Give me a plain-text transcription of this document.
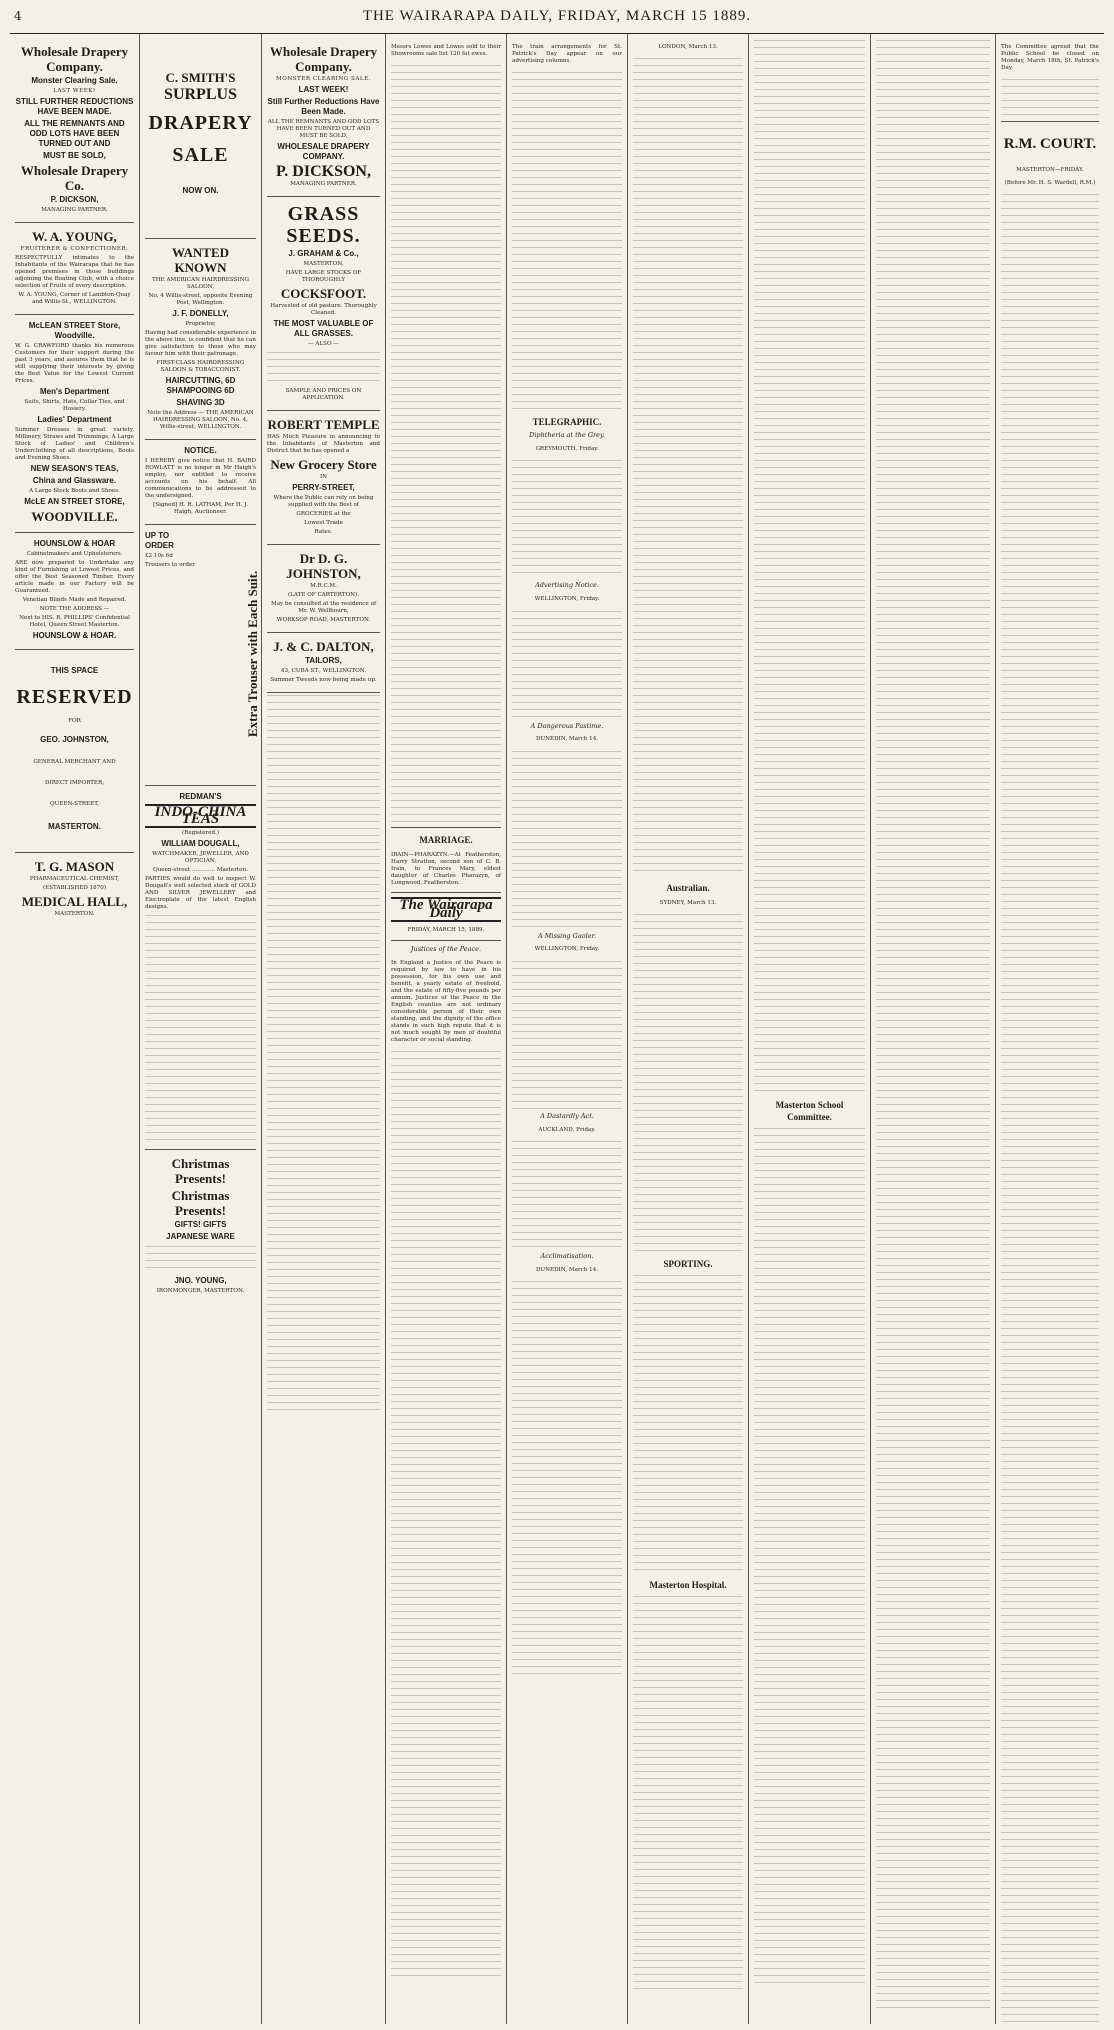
4	THE WAIRARAPA DAILY, FRIDAY, MARCH 15 1889.

Wholesale Drapery Company.

Monster Clearing Sale.

LAST WEEK!

STILL FURTHER REDUCTIONS HAVE BEEN MADE.

ALL THE REMNANTS AND ODD LOTS HAVE BEEN TURNED OUT AND

MUST BE SOLD,

Wholesale Drapery Co.

P. DICKSON,

MANAGING PARTNER.

W. A. YOUNG,

FRUITERER & CONFECTIONER.

RESPECTFULLY intimates to the Inhabitants of the Wairarapa that he has opened premises in those buildings adjoining the Boating Club, with a choice selection of Fruits of every description.

W. A. YOUNG, Corner of Lambton-Quay and Willis-St., WELLINGTON.

McLEAN STREET Store, Woodville.

W. G. CRAWFORD thanks his numerous Customers for their support during the past 3 years, and assures them that he is still supplying their interests by giving the Best Value for the Lowest Current Prices.

Men's Department

Suits, Shirts, Hats, Collar Ties, and Hosiery.

Ladies' Department

Summer Dresses in great variety, Millinery, Straws and Trimmings, A Large Stock of Ladies' and Children's Underclothing of all descriptions, Boots and Evening Shoes.

NEW SEASON'S TEAS,

China and Glassware.

A Large Stock Boots and Shoes.

McLE AN STREET STORE,

WOODVILLE.

HOUNSLOW & HOAR

Cabinetmakers and Upholsterers.

ARE now prepared to Undertake any kind of Furnishing at Lowest Prices, and offer the Best Seasoned Timber. Every article made in our Factory will be Guaranteed.

Venetian Blinds Made and Repaired.

NOTE THE ADDRESS —

Next to HIS. R. PHILLIPS' Confidential Hotel, Queen Street Masterton.

HOUNSLOW & HOAR.

THIS SPACE

RESERVED

FOR

GEO. JOHNSTON,

GENERAL MERCHANT AND

DIRECT IMPORTER,

QUEEN-STREET,

MASTERTON.

T. G. MASON

PHARMACEUTICAL CHEMIST,

(ESTABLISHED 1870)

MEDICAL HALL,

MASTERTON.

C. SMITH'S

SURPLUS

DRAPERY

SALE

NOW ON.

WANTED KNOWN

THE AMERICAN HAIRDRESSING SALOON,

No. 4 Willis-street, opposite Evening Post, Wellington.

J. F. DONELLY,

Proprietor,

Having had considerable experience in the above line, is confident that he can give satisfaction to those who may favour him with their patronage.

FIRST-CLASS HAIRDRESSING SALOON & TOBACCONIST.

HAIRCUTTING, 6D SHAMPOOING 6D

SHAVING 3D

Note the Address — THE AMERICAN HAIRDRESSING SALOON, No. 4, Willis-street, WELLINGTON.

NOTICE.

I HEREBY give notice that H. BAIRD ROWLATT is no longer in Mr Haigh's employ, nor entitled to receive accounts on his behalf. All communications to be addressed to the undersigned.

[Signed] H. R. LATHAM, Per H. J. Haigh, Auctioneer.

UP TO ORDER

£2 10s 6d

Trousers to order

Extra Trouser with Each Suit.

REDMAN'S

INDO-CHINA TEAS

(Registered.)

WILLIAM DOUGALL,

WATCHMAKER, JEWELLER, AND OPTICIAN.

Queen-street ............. Masterton.

PARTIES would do well to inspect W. Dougall's well selected stock of GOLD AND SILVER JEWELLERY and Electroplate of the latest English designs.

Christmas Presents!

Christmas Presents!

GIFTS! GIFTS

JAPANESE WARE

JNO. YOUNG,

IRONMONGER, MASTERTON.

Wholesale Drapery Company.

MONSTER CLEARING SALE.

LAST WEEK!

Still Further Reductions Have Been Made.

ALL THE REMNANTS AND ODD LOTS HAVE BEEN TURNED OUT AND MUST BE SOLD,

WHOLESALE DRAPERY COMPANY.

P. DICKSON,

MANAGING PARTNER.

GRASS SEEDS.

J. GRAHAM & Co.,

MASTERTON,

HAVE LARGE STOCKS OF THOROUGHLY

COCKSFOOT.

Harvested of old pasture. Thoroughly Cleaned.

THE MOST VALUABLE OF ALL GRASSES.

— ALSO —

SAMPLE AND PRICES ON APPLICATION.

ROBERT TEMPLE

HAS Much Pleasure in announcing to the Inhabitants of Masterton and District that he has opened a

New Grocery Store

IN

PERRY-STREET,

Where the Public can rely on being supplied with the Best of

GROCERIES at the

Lowest Trade

Rates.

Dr D. G. JOHNSTON,

M.R.C.M.

(LATE OF CARTERTON).

May be consulted at the residence of Mr. W. Wellbourn,

WORKSOP ROAD, MASTERTON.

J. & C. DALTON,

TAILORS,

43, CUBA ST., WELLINGTON.

Summer Tweeds now being made up.

Messrs Lowes and Lowes sold to their Showrooms sale list 120 fat ewes.

MARRIAGE.

IRAIN—PHARAZYN.—At Featherston, Harry Stratton, second son of C. B. Irain, to Frances Mary, eldest daughter of Charles Pharazyn, of Longwood, Featherston.

The Wairarapa Daily

FRIDAY, MARCH 15, 1889.

Justices of the Peace.

In England a Justice of the Peace is required by law to have in his possession, for his own use and benefit, a yearly estate of freehold, and the estate of fifty-five pounds per annum. Justices of the Peace in the English counties are not ordinary considerable person of their own standing, and the dignity of the office stands in such high repute that it is not much sought by men of doubtful character or social standing.

The train arrangements for St. Patrick's Day appear on our advertising columns.

TELEGRAPHIC.

Diphtheria at the Grey.

GREYMOUTH, Friday.

Advertising Notice.

WELLINGTON, Friday.

A Dangerous Pastime.

DUNEDIN, March 14.

A Missing Gaoler.

WELLINGTON, Friday.

A Dastardly Act.

AUCKLAND, Friday.

Acclimatisation.

DUNEDIN, March 14.

LONDON, March 13.

Australian.

SYDNEY, March 13.

SPORTING.

Masterton Hospital.

Masterton School Committee.

The Committee agreed that the Public School be closed on Monday, March 18th, St. Patrick's Day.

R.M. COURT.

MASTERTON—FRIDAY.

(Before Mr. H. S. Wardell, R.M.)
